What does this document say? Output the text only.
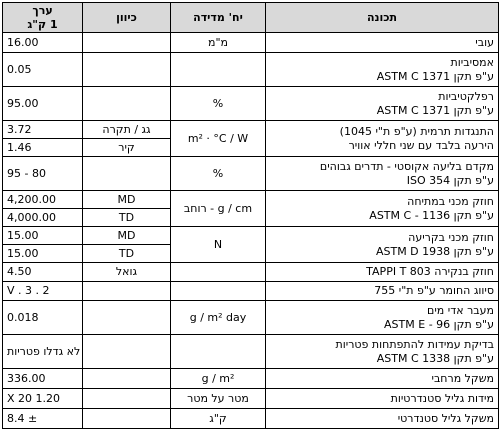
תכונה	יח' מדידה	כיוון	ערך
1 ק"ג

עובי	מ"מ		16.00

אמסיביות
ע"פ תקן ASTM C 1371			0.05

רפלקטיביות
ע"פ תקן ASTM C 1371	%		95.00

התנגדות תרמית (ע"פ ת"י 1045)
הירעה בלבד עם שני חללי אוויר	m² · °C / W	גג / תקרה	3.72
		קיר	1.46

מקדם בליעה אקוסטי - תדרים גבוהים
ע"פ תקן ISO 354	%		95 - 80

חוזק מכני במתיחה
ע"פ תקן ASTM C - 1136	g / cm - רוחב	MD	4,200.00
		TD	4,000.00

חוזק מכני בקריעה
ע"פ תקן ASTM D 1938	N	MD	15.00
		TD	15.00
חוזק בנקירה TAPPI T 803		גואל	4.50
סיווג החומר ע"פ ת"י 755			V . 3 . 2

מעבר אדי מים
ע"פ תקן ASTM E - 96	g / m² day		0.018

בדיקת עמידות להתפתחות פטריות
ע"פ תקן ASTM C 1338			לא גדלו פטריות
משקל מרחבי	g / m²		336.00
מידות גליל סטנדרטיות	מטר על מטר		X 20 1.20
משקל גליל סטנדרטי	ק"ג		8.4 ±
